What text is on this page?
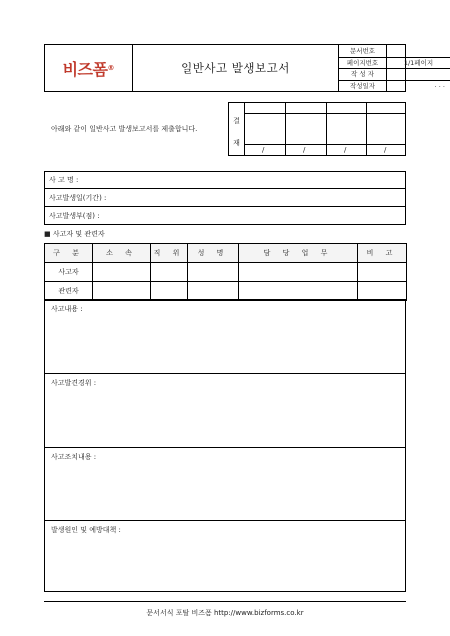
비즈폼 ®	일반사고 발생보고서
문서번호
페이지번호	1/1페이지
작 성 자
작성일자	. . .
아래와 같이 일반사고 발생보고서를 제출합니다.
결
재
/	/	/	/
사 고 명 :
사고발생일(기간) :
사고발생부(점) :
■ 사고자 및 관련자
구 분	소 속	직 위	성 명	담 당 업 무	비 고
사고자					
관련자					
사고내용 :
사고발견경위 :
사고조치내용 :
발생원인 및 예방대책 :
문서서식 포탈 비즈폼 http://www.bizforms.co.kr
